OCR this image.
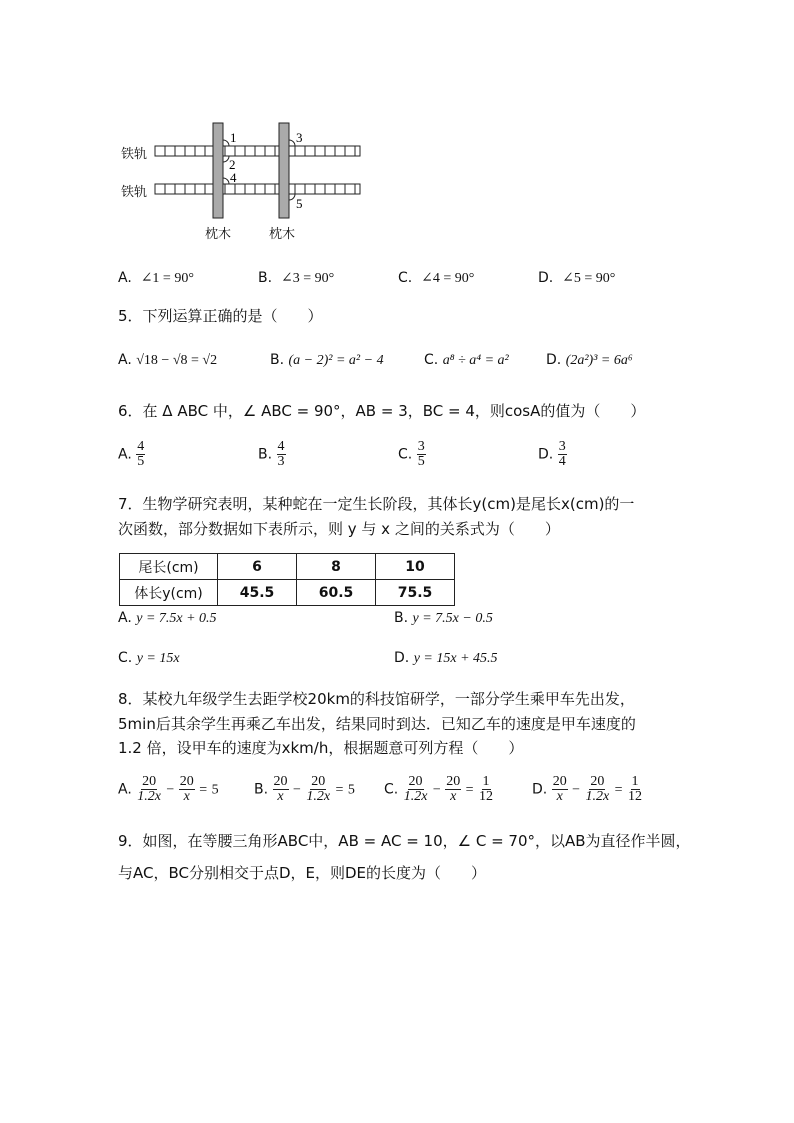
1
2
3
4
5
铁轨
铁轨
枕木	枕木
A. ∠1 = 90°	B. ∠3 = 90°	C. ∠4 = 90°	D. ∠5 = 90°
5．下列运算正确的是（　　）
A. √18 − √8 = √2	B. (a − 2)² = a² − 4	C. a⁸ ÷ a⁴ = a²	D. (2a²)³ = 6a⁶
6．在 Δ ABC 中，∠ ABC = 90°，AB = 3，BC = 4，则cosA的值为（　　）
A. $\frac{4}{5}$	B. $\frac{4}{3}$	C. $\frac{3}{5}$	D. $\frac{3}{4}$
7．生物学研究表明，某种蛇在一定生长阶段，其体长y(cm)是尾长x(cm)的一
次函数，部分数据如下表所示，则 y 与 x 之间的关系式为（　　）
尾长(cm)	6	8	10
体长y(cm)	45.5	60.5	75.5
A. y = 7.5x + 0.5	B. y = 7.5x − 0.5
C. y = 15x	D. y = 15x + 45.5
8．某校九年级学生去距学校20km的科技馆研学，一部分学生乘甲车先出发，
5min后其余学生再乘乙车出发，结果同时到达．已知乙车的速度是甲车速度的
1.2 倍，设甲车的速度为xkm/h，根据题意可列方程（　　）
A. $\frac{20}{1.2x} - \frac{20}{x} = 5$	B. $\frac{20}{x} - \frac{20}{1.2x} = 5$ C. $\frac{20}{1.2x} - \frac{20}{x} = \frac{1}{12}$	D. $\frac{20}{x} - \frac{20}{1.2x} = \frac{1}{12}$
9．如图，在等腰三角形ABC中，AB = AC = 10，∠ C = 70°，以AB为直径作半圆，
与AC，BC分别相交于点D，E，则DE的长度为（　　）
